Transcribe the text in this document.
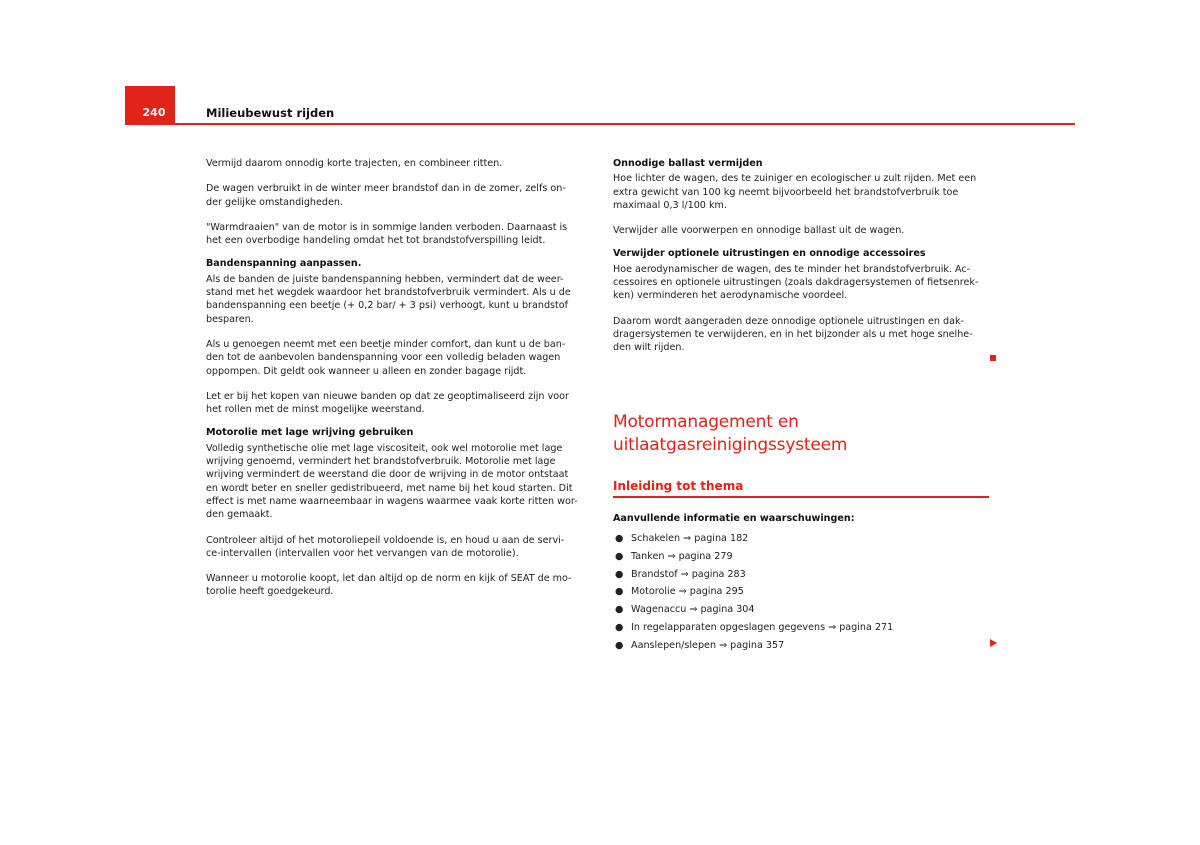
240	Milieubewust rijden

Vermijd daarom onnodig korte trajecten, en combineer ritten.

De wagen verbruikt in de winter meer brandstof dan in de zomer, zelfs on-der gelijke omstandigheden.

"Warmdraaien" van de motor is in sommige landen verboden. Daarnaast is het een overbodige handeling omdat het tot brandstofverspilling leidt.

Bandenspanning aanpassen.

Als de banden de juiste bandenspanning hebben, vermindert dat de weer-stand met het wegdek waardoor het brandstofverbruik vermindert. Als u de bandenspanning een beetje (+ 0,2 bar/ + 3 psi) verhoogt, kunt u brandstof besparen.

Als u genoegen neemt met een beetje minder comfort, dan kunt u de ban-den tot de aanbevolen bandenspanning voor een volledig beladen wagen oppompen. Dit geldt ook wanneer u alleen en zonder bagage rijdt.

Let er bij het kopen van nieuwe banden op dat ze geoptimaliseerd zijn voor het rollen met de minst mogelijke weerstand.

Motorolie met lage wrijving gebruiken

Volledig synthetische olie met lage viscositeit, ook wel motorolie met lage wrijving genoemd, vermindert het brandstofverbruik. Motorolie met lage wrijving vermindert de weerstand die door de wrijving in de motor ontstaat en wordt beter en sneller gedistribueerd, met name bij het koud starten. Dit effect is met name waarneembaar in wagens waarmee vaak korte ritten wor-den gemaakt.

Controleer altijd of het motoroliepeil voldoende is, en houd u aan de servi-ce-intervallen (intervallen voor het vervangen van de motorolie).

Wanneer u motorolie koopt, let dan altijd op de norm en kijk of SEAT de mo-torolie heeft goedgekeurd.

Onnodige ballast vermijden

Hoe lichter de wagen, des te zuiniger en ecologischer u zult rijden. Met een extra gewicht van 100 kg neemt bijvoorbeeld het brandstofverbruik toe maximaal 0,3 l/100 km.

Verwijder alle voorwerpen en onnodige ballast uit de wagen.

Verwijder optionele uitrustingen en onnodige accessoires

Hoe aerodynamischer de wagen, des te minder het brandstofverbruik. Ac-cessoires en optionele uitrustingen (zoals dakdragersystemen of fietsenrek-ken) verminderen het aerodynamische voordeel.

Daarom wordt aangeraden deze onnodige optionele uitrustingen en dak-dragersystemen te verwijderen, en in het bijzonder als u met hoge snelhe-den wilt rijden.

Motormanagement en
uitlaatgasreinigingssysteem
Inleiding tot thema
Aanvullende informatie en waarschuwingen:
● Schakelen ⇒ pagina 182
● Tanken ⇒ pagina 279
● Brandstof ⇒ pagina 283
● Motorolie ⇒ pagina 295
● Wagenaccu ⇒ pagina 304
● In regelapparaten opgeslagen gegevens ⇒ pagina 271
● Aanslepen/slepen ⇒ pagina 357
